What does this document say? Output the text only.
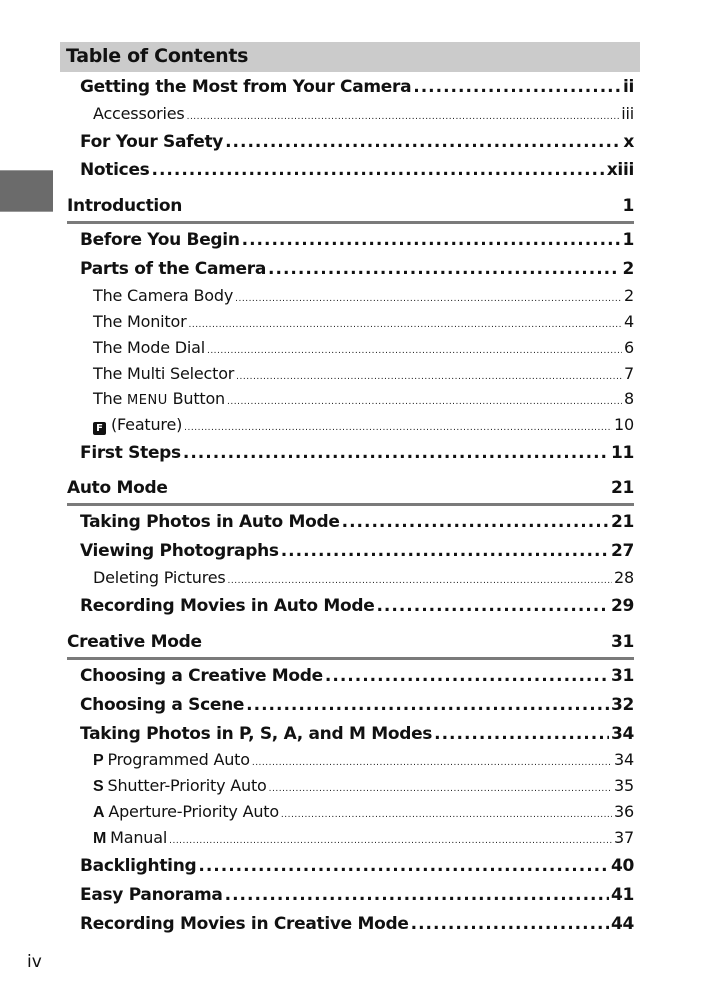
Table of Contents
Getting the Most from Your Camera .....	ii
Accessories .....	iii
For Your Safety .....	x
Notices .....	xiii
Introduction	1
Before You Begin .....	1
Parts of the Camera .....	2
The Camera Body .....	2
The Monitor .....	4
The Mode Dial .....	6
The Multi Selector .....	7
The MENU Button .....	8
F (Feature) .....	10
First Steps .....	11
Auto Mode	21
Taking Photos in Auto Mode .....	21
Viewing Photographs .....	27
Deleting Pictures .....	28
Recording Movies in Auto Mode .....	29
Creative Mode	31
Choosing a Creative Mode .....	31
Choosing a Scene .....	32
Taking Photos in P, S, A, and M Modes .....	34
P Programmed Auto .....	34
S Shutter-Priority Auto .....	35
A Aperture-Priority Auto .....	36
M Manual .....	37
Backlighting .....	40
Easy Panorama .....	41
Recording Movies in Creative Mode .....	44
iv
